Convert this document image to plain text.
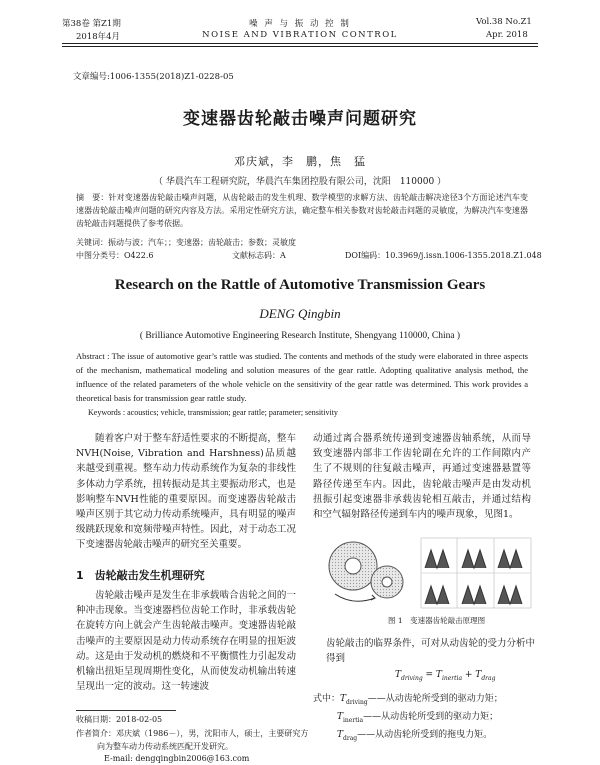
第38卷 第Z1期
2018年4月
噪 声 与 振 动 控 制
NOISE AND VIBRATION CONTROL
Vol.38 No.Z1
Apr. 2018
文章编号:1006-1355(2018)Z1-0228-05
变速器齿轮敲击噪声问题研究
邓庆斌，李　鹏，焦　猛
（ 华晨汽车工程研究院，华晨汽车集团控股有限公司，沈阳　110000 ）
摘　要：针对变速器齿轮敲击噪声问题，从齿轮敲击的发生机理、数学模型的求解方法、齿轮敲击解决途径3个方面论述汽车变速器齿轮敲击噪声问题的研究内容及方法。采用定性研究方法，确定整车相关参数对齿轮敲击问题的灵敏度，为解决汽车变速器齿轮敲击问题提供了参考依据。
关键词：振动与波；汽车；；变速器；齿轮敲击；参数；灵敏度
中图分类号：O422.6	文献标志码：A	DOI编码：10.3969/j.issn.1006-1355.2018.Z1.048
Research on the Rattle of Automotive Transmission Gears
DENG Qingbin
( Brilliance Automotive Engineering Research Institute, Shengyang 110000, China )
Abstract : The issue of automotive gear’s rattle was studied. The contents and methods of the study were elaborated in three aspects of the mechanism, mathematical modeling and solution measures of the gear rattle. Adopting qualitative analysis method, the influence of the related parameters of the whole vehicle on the sensitivity of the gear rattle was determined. This work provides a theoretical basis for transmission gear rattle study.
Keywords : acoustics; vehicle, transmission; gear rattle; parameter; sensitivity
随着客户对于整车舒适性要求的不断提高，整车NVH(Noise, Vibration and Harshness)品质越来越受到重视。整车动力传动系统作为复杂的非线性多体动力学系统，扭转振动是其主要振动形式，也是影响整车NVH性能的重要原因。而变速器齿轮敲击噪声区别于其它动力传动系统噪声，具有明显的噪声级跳跃现象和宽频带噪声特性。因此，对于动态工况下变速器齿轮敲击噪声的研究至关重要。
1　齿轮敲击发生机理研究
齿轮敲击噪声是发生在非承载啮合齿轮之间的一种冲击现象。当变速器档位齿轮工作时，非承载齿轮在旋转方向上就会产生齿轮敲击噪声。变速器齿轮敲击噪声的主要原因是动力传动系统存在明显的扭矩波动。这是由于发动机的燃烧和不平衡惯性力引起发动机输出扭矩呈现周期性变化，从而使发动机输出转速呈现出一定的波动。这一转速波
动通过离合器系统传递到变速器齿轴系统，从而导致变速器内部非工作齿轮副在允许的工作间隙内产生了不规则的往复敲击噪声，再通过变速器悬置等路径传递至车内。因此，齿轮敲击噪声是由发动机扭振引起变速器非承载齿轮相互敲击，并通过结构和空气辐射路径传递到车内的噪声现象，见图1。
图 1　变速器齿轮敲击原理图
齿轮敲击的临界条件，可对从动齿轮的受力分析中得到
$T_{driving} = T_{inertia} + T_{drag}$
式中：$T_{driving}——$从动齿轮所受到的驱动力矩；
$T_{inertia}——$从动齿轮所受到的驱动力矩；
$T_{drag}——$从动齿轮所受到的拖曳力矩。
收稿日期：2018-02-05
作者简介：邓庆斌（1986－），男，沈阳市人，硕士，主要研究方
向为整车动力传动系统匹配开发研究。
E-mail: dengqingbin2006@163.com
